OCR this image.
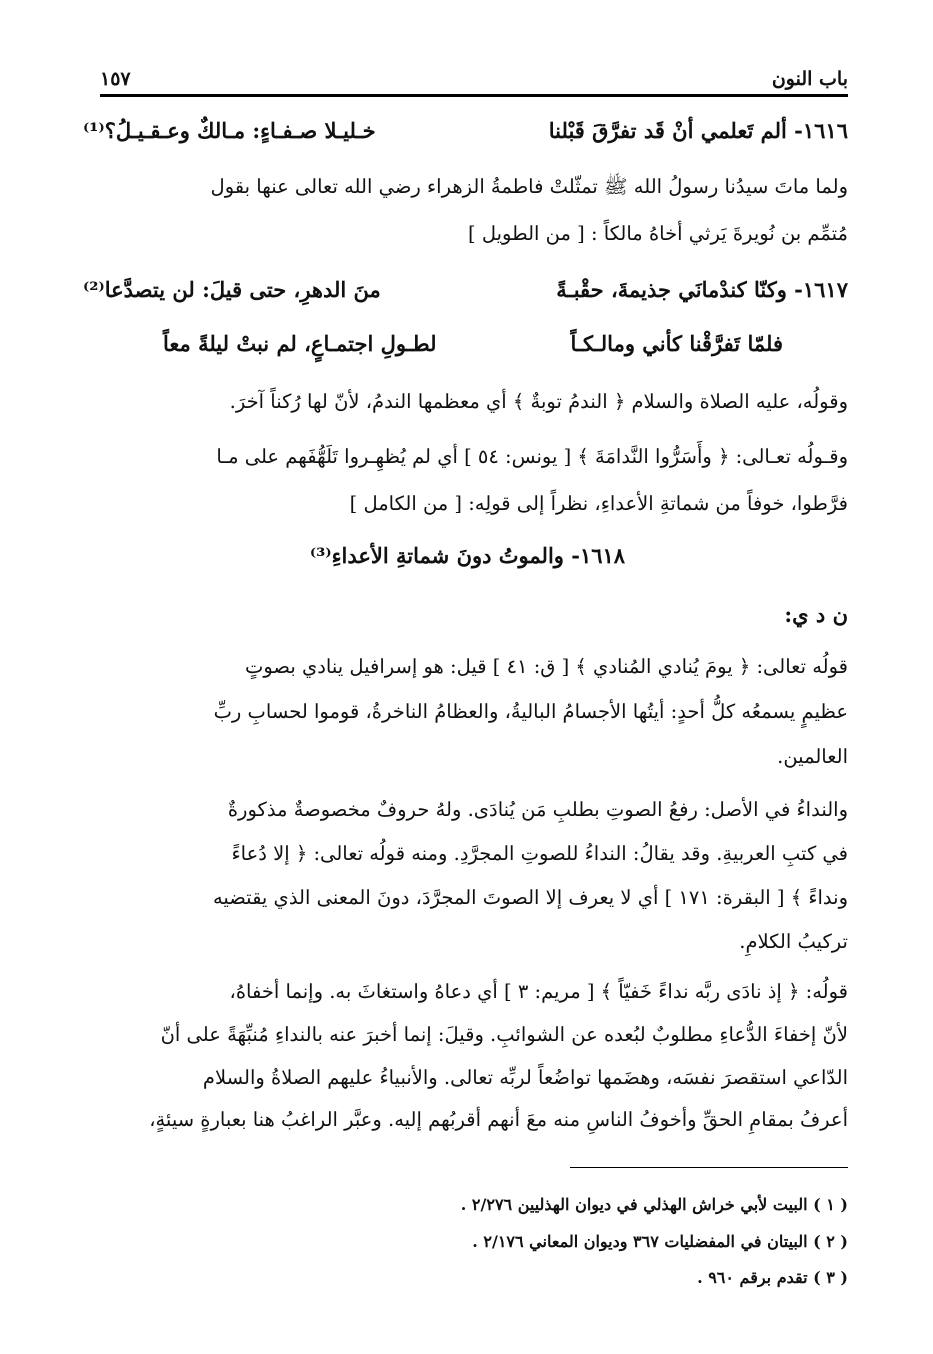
باب النون
١٥٧
١٦١٦- ألم تَعلمي أنْ قَد تفرَّقَ قَبْلنا
خـليـلا صـفـاءٍ: مـالكٌ وعـقـيـلُ؟⁽¹⁾
ولما ماتَ سيدُنا رسولُ الله ﷺ تمثّلتْ فاطمةُ الزهراء رضي الله تعالى عنها بقول
مُتمِّم بن نُويرةَ يَرثي أخاهُ مالكاً : [ من الطويل ]
١٦١٧- وكنّا كندْمانَي جذيمةَ، حقْبـةً
منَ الدهرِ، حتى قيلَ: لن يتصدَّعا⁽²⁾
فلمّا تَفرَّقْنا كأني ومالـكـاً
لطـولِ اجتمـاعٍ، لم نبتْ ليلةً معاً
وقولُه، عليه الصلاة والسلام ﴿ الندمُ توبةٌ ﴾ أي معظمها الندمُ، لأنّ لها رُكناً آخرَ.
وقـولُه تعـالى: ﴿ وأَسَرُّوا النَّدامَةَ ﴾ [ يونس: ٥٤ ] أي لم يُظهِـروا تَلَهُّفَهم على مـا
فرَّطوا، خوفاً من شماتةِ الأعداءِ، نظراً إلى قولِه: [ من الكامل ]
١٦١٨- والموتُ دونَ شماتةِ الأعداءِ⁽³⁾
ن د ي:
قولُه تعالى: ﴿ يومَ يُنادي المُنادي ﴾ [ ق: ٤١ ] قيل: هو إسرافيل ينادي بصوتٍ
عظيمٍ يسمعُه كلُّ أحدٍ: أيتُها الأجسامُ الباليةُ، والعظامُ الناخرةُ، قوموا لحسابِ ربِّ
العالمين.
والنداءُ في الأصل: رفعُ الصوتِ بطلبِ مَن يُنادَى. ولهُ حروفٌ مخصوصةٌ مذكورةٌ
في كتبِ العربيةِ. وقد يقالُ: النداءُ للصوتِ المجرَّدِ. ومنه قولُه تعالى: ﴿ إلا دُعاءً
ونداءً ﴾ [ البقرة: ١٧١ ] أي لا يعرف إلا الصوتَ المجرَّدَ، دونَ المعنى الذي يقتضيه
تركيبُ الكلامِ.
قولُه: ﴿ إذ نادَى ربَّه نداءً خَفيّاً ﴾ [ مريم: ٣ ] أي دعاهُ واستغاثَ به. وإنما أخفاهُ،
لأنّ إخفاءَ الدُّعاءِ مطلوبٌ لبُعده عن الشوائبِ. وقيلَ: إنما أخبرَ عنه بالنداءِ مُنبِّهَةً على أنّ
الدّاعي استقصرَ نفسَه، وهضَمها تواضُعاً لربِّه تعالى. والأنبياءُ عليهم الصلاةُ والسلام
أعرفُ بمقامِ الحقِّ وأخوفُ الناسِ منه معَ أنهم أقربُهم إليه. وعبَّر الراغبُ هنا بعبارةٍ سيئةٍ،
( ١ ) البيت لأبي خراش الهذلي في ديوان الهذليين ٢/٢٧٦ .
( ٢ ) البيتان في المفضليات ٣٦٧ وديوان المعاني ٢/١٧٦ .
( ٣ ) تقدم برقم ٩٦٠ .
